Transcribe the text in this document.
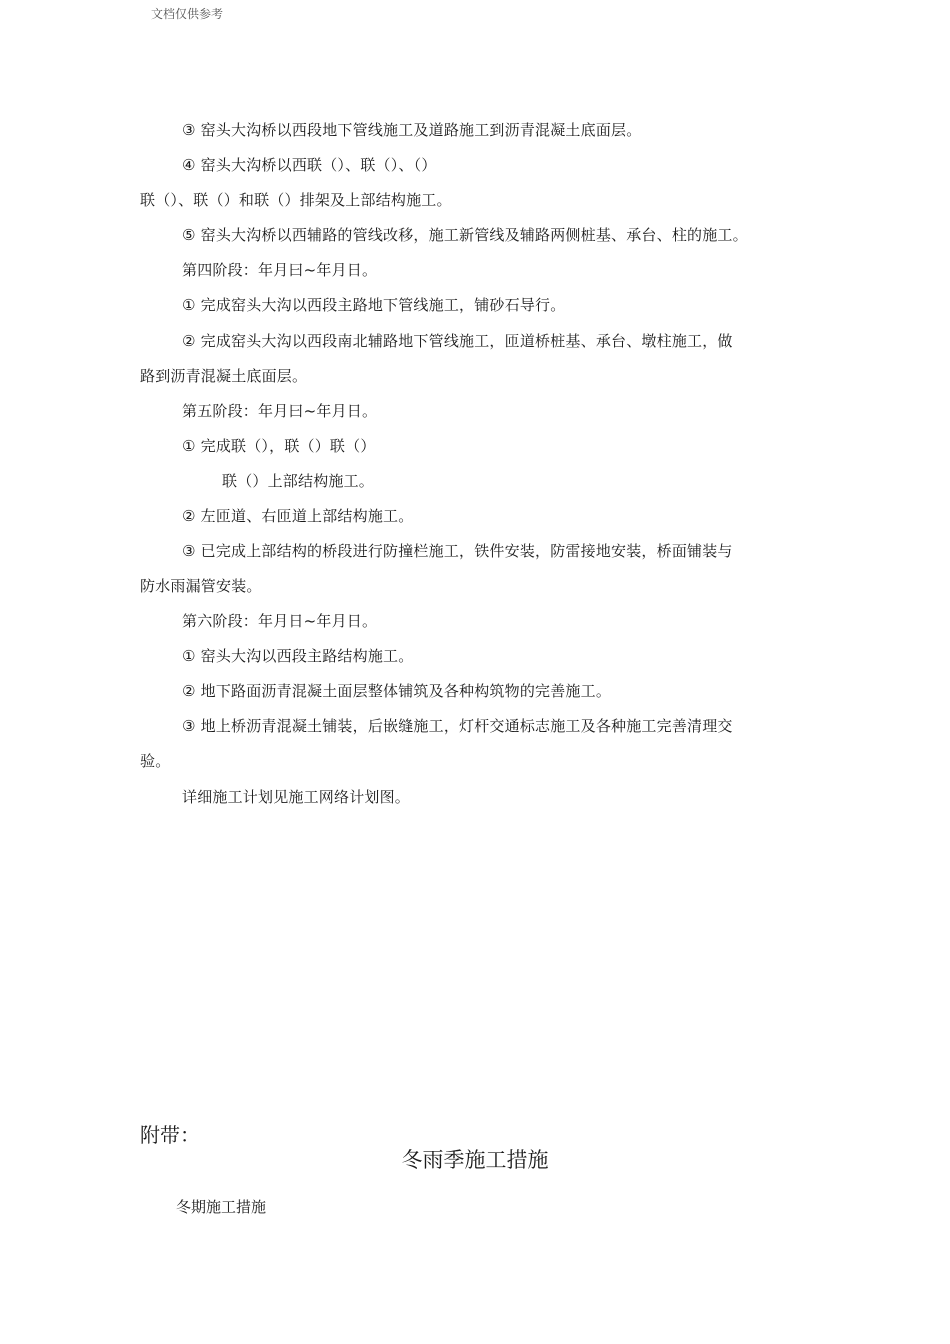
文档仅供参考
③ 窑头大沟桥以西段地下管线施工及道路施工到沥青混凝土底面层。
④ 窑头大沟桥以西联（）、联（）、（）
联（）、联（）和联（）排架及上部结构施工。
⑤ 窑头大沟桥以西辅路的管线改移，施工新管线及辅路两侧桩基、承台、柱的施工。
第四阶段：年月曰~年月日。
① 完成窑头大沟以西段主路地下管线施工，铺砂石导行。
② 完成窑头大沟以西段南北辅路地下管线施工，匝道桥桩基、承台、墩柱施工，做
路到沥青混凝土底面层。
第五阶段：年月曰~年月日。
① 完成联（），联（）联（）
联（）上部结构施工。
② 左匝道、右匝道上部结构施工。
③ 已完成上部结构的桥段进行防撞栏施工，铁件安装，防雷接地安装，桥面铺装与
防水雨漏管安装。
第六阶段：年月日~年月日。
① 窑头大沟以西段主路结构施工。
② 地下路面沥青混凝土面层整体铺筑及各种构筑物的完善施工。
③ 地上桥沥青混凝土铺装，后嵌缝施工，灯杆交通标志施工及各种施工完善清理交
验。
详细施工计划见施工网络计划图。
附带：
冬雨季施工措施
冬期施工措施
